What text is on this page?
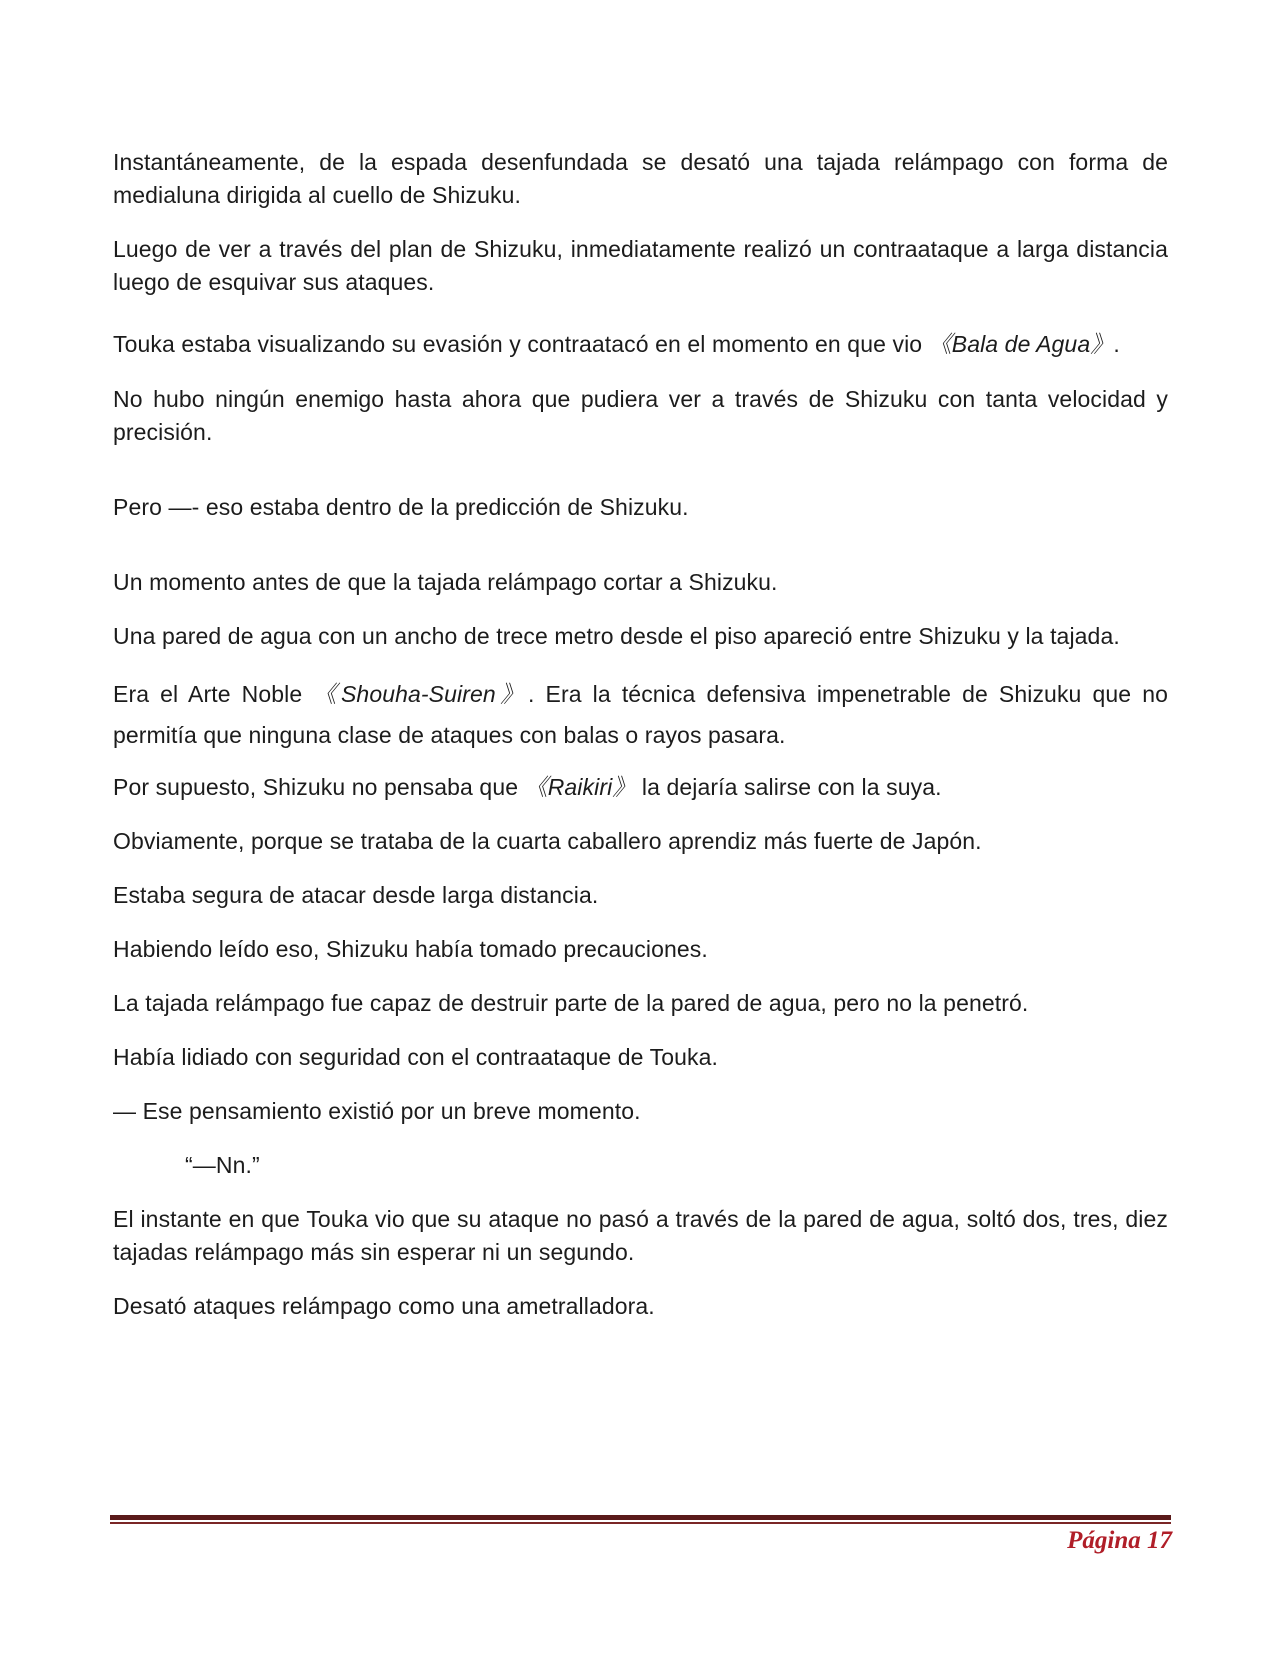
Instantáneamente, de la espada desenfundada se desató una tajada relámpago con forma de medialuna dirigida al cuello de Shizuku.

Luego de ver a través del plan de Shizuku, inmediatamente realizó un contraataque a larga distancia luego de esquivar sus ataques.

Touka estaba visualizando su evasión y contraatacó en el momento en que vio 《Bala de Agua》.

No hubo ningún enemigo hasta ahora que pudiera ver a través de Shizuku con tanta velocidad y precisión.

Pero —- eso estaba dentro de la predicción de Shizuku.

Un momento antes de que la tajada relámpago cortar a Shizuku.

Una pared de agua con un ancho de trece metro desde el piso apareció entre Shizuku y la tajada.

Era el Arte Noble 《Shouha-Suiren》. Era la técnica defensiva impenetrable de Shizuku que no permitía que ninguna clase de ataques con balas o rayos pasara.

Por supuesto, Shizuku no pensaba que 《Raikiri》 la dejaría salirse con la suya.

Obviamente, porque se trataba de la cuarta caballero aprendiz más fuerte de Japón.

Estaba segura de atacar desde larga distancia.

Habiendo leído eso, Shizuku había tomado precauciones.

La tajada relámpago fue capaz de destruir parte de la pared de agua, pero no la penetró.

Había lidiado con seguridad con el contraataque de Touka.

— Ese pensamiento existió por un breve momento.

“—Nn.”

El instante en que Touka vio que su ataque no pasó a través de la pared de agua, soltó dos, tres, diez tajadas relámpago más sin esperar ni un segundo.

Desató ataques relámpago como una ametralladora.

Página 17
